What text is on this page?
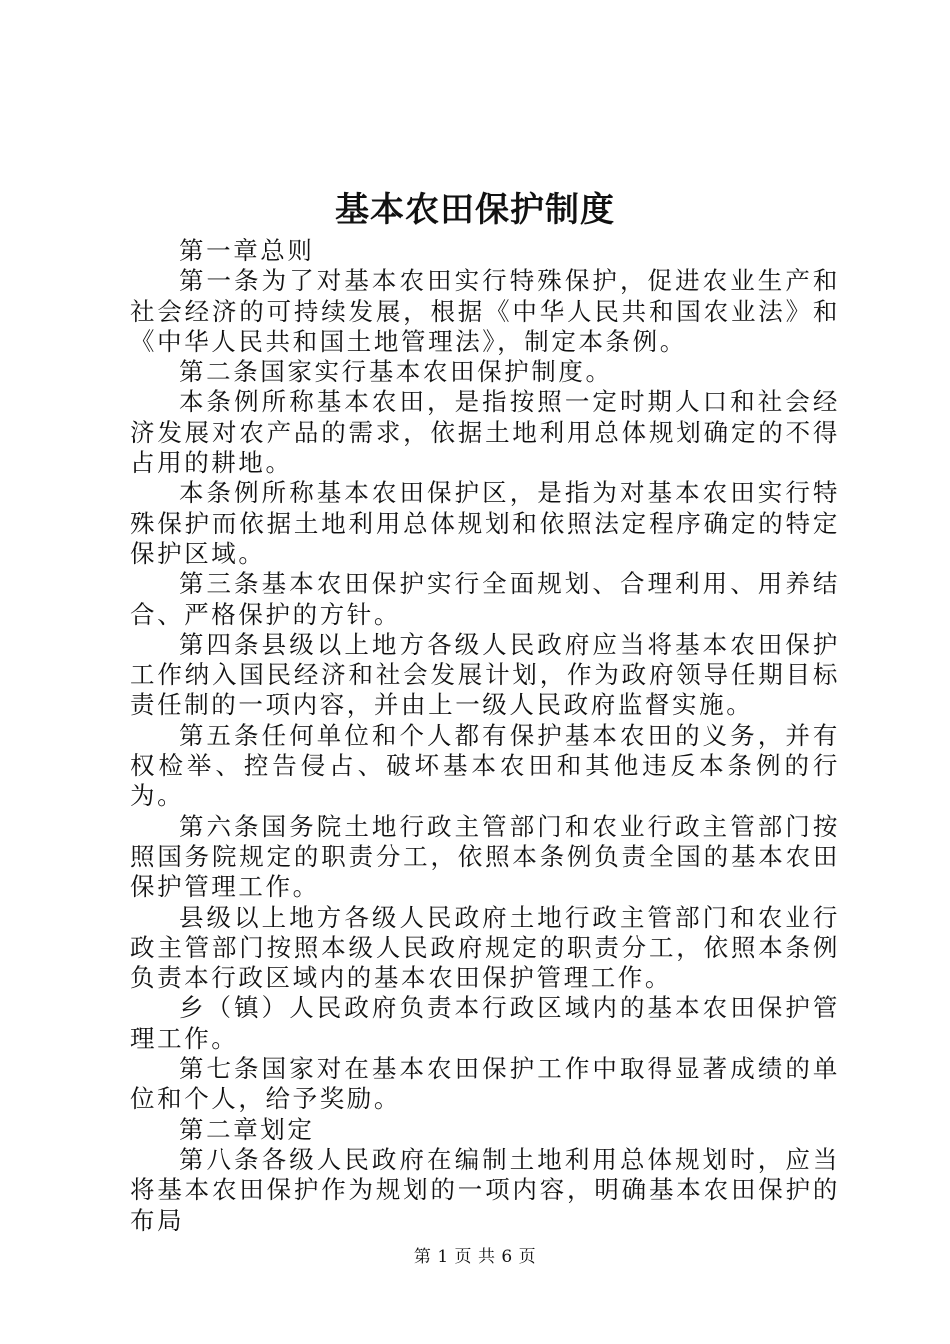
基本农田保护制度

第一章总则

第一条为了对基本农田实行特殊保护，促进农业生产和社会经济的可持续发展，根据《中华人民共和国农业法》和《中华人民共和国土地管理法》，制定本条例。

第二条国家实行基本农田保护制度。

本条例所称基本农田，是指按照一定时期人口和社会经济发展对农产品的需求，依据土地利用总体规划确定的不得占用的耕地。

本条例所称基本农田保护区，是指为对基本农田实行特殊保护而依据土地利用总体规划和依照法定程序确定的特定保护区域。

第三条基本农田保护实行全面规划、合理利用、用养结合、严格保护的方针。

第四条县级以上地方各级人民政府应当将基本农田保护工作纳入国民经济和社会发展计划，作为政府领导任期目标责任制的一项内容，并由上一级人民政府监督实施。

第五条任何单位和个人都有保护基本农田的义务，并有权检举、控告侵占、破坏基本农田和其他违反本条例的行为。

第六条国务院土地行政主管部门和农业行政主管部门按照国务院规定的职责分工，依照本条例负责全国的基本农田保护管理工作。

县级以上地方各级人民政府土地行政主管部门和农业行政主管部门按照本级人民政府规定的职责分工，依照本条例负责本行政区域内的基本农田保护管理工作。

乡（镇）人民政府负责本行政区域内的基本农田保护管理工作。

第七条国家对在基本农田保护工作中取得显著成绩的单位和个人，给予奖励。

第二章划定

第八条各级人民政府在编制土地利用总体规划时，应当将基本农田保护作为规划的一项内容，明确基本农田保护的布局

第 1 页 共 6 页
